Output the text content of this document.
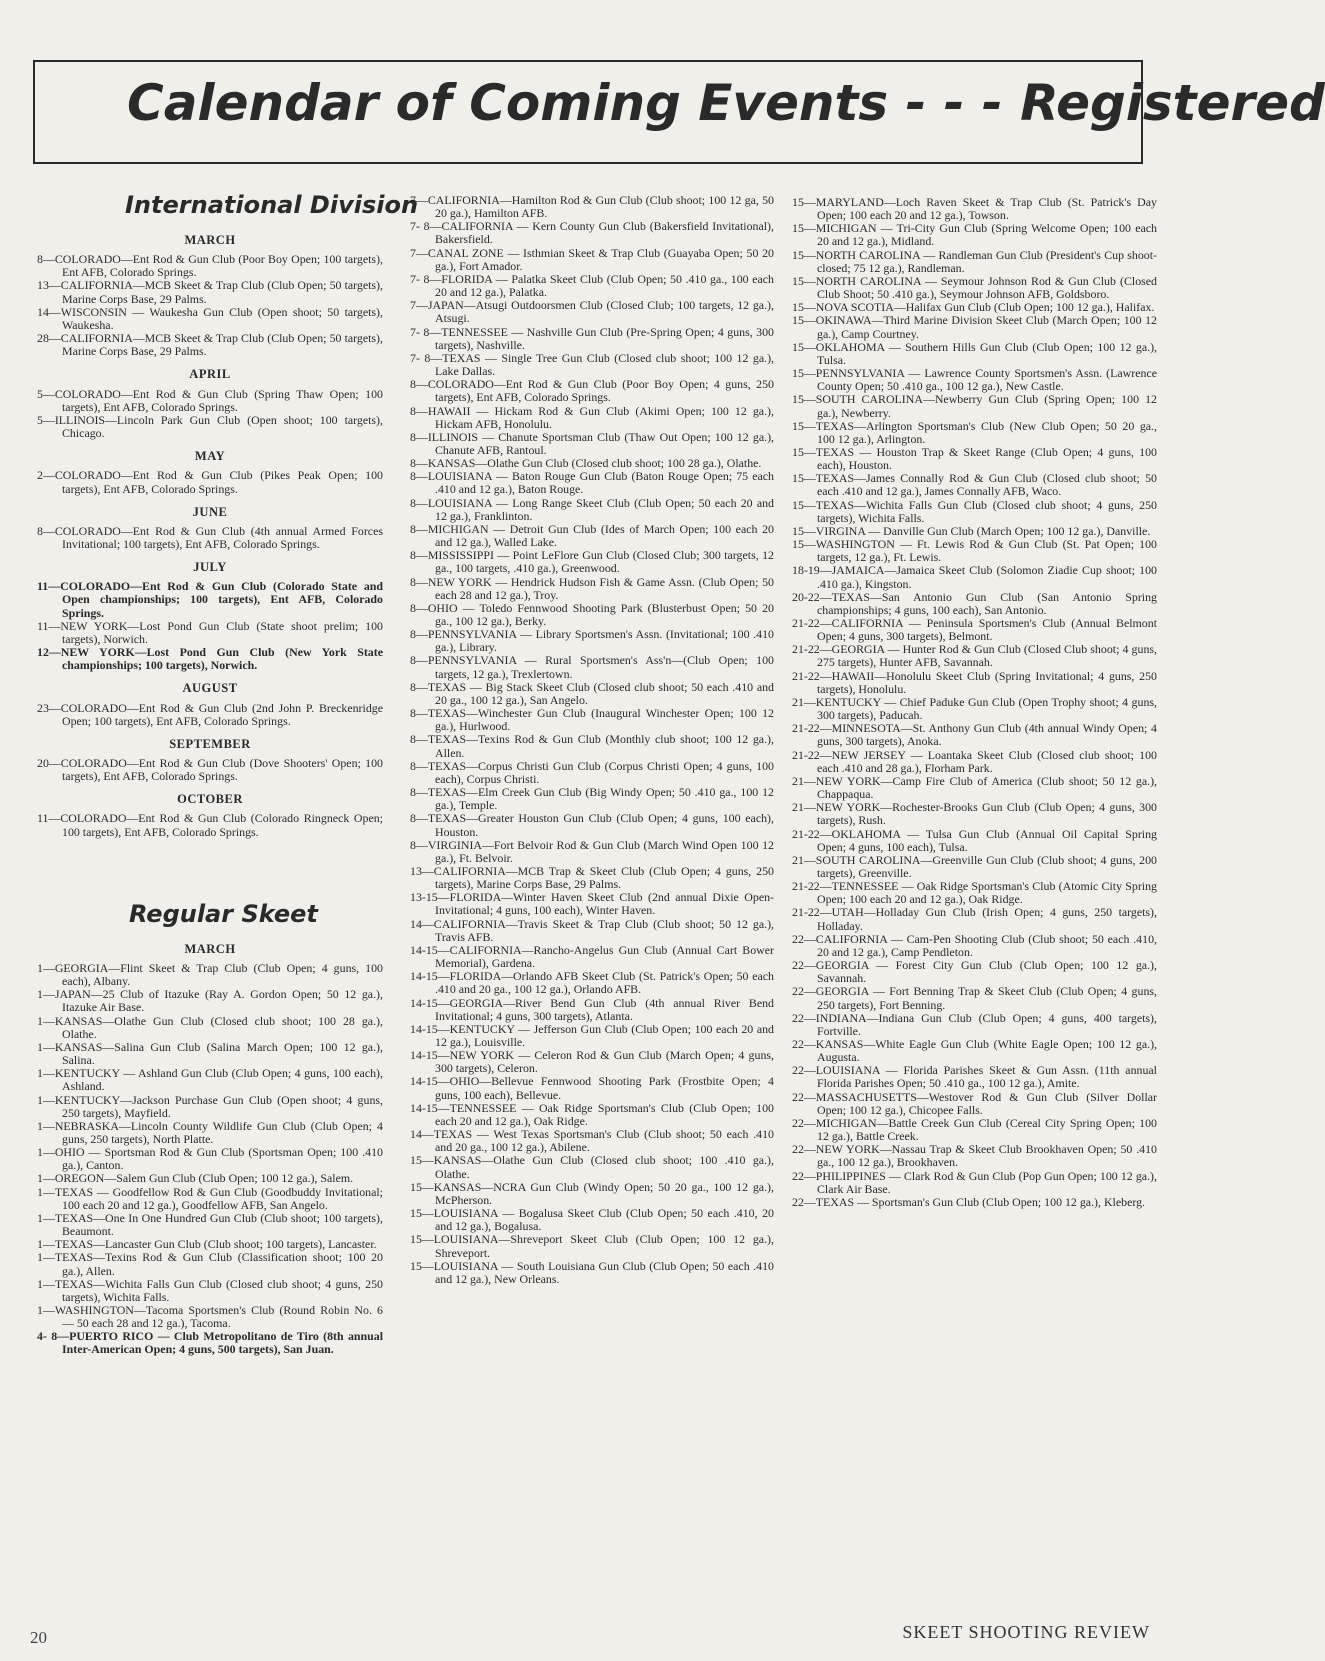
Calendar of Coming Events - - - Registered
International Division
MARCH
8—COLORADO—Ent Rod & Gun Club (Poor Boy Open; 100 targets), Ent AFB, Colorado Springs.
13—CALIFORNIA—MCB Skeet & Trap Club (Club Open; 50 targets), Marine Corps Base, 29 Palms.
14—WISCONSIN — Waukesha Gun Club (Open shoot; 50 targets), Waukesha.
28—CALIFORNIA—MCB Skeet & Trap Club (Club Open; 50 targets), Marine Corps Base, 29 Palms.
APRIL
5—COLORADO—Ent Rod & Gun Club (Spring Thaw Open; 100 targets), Ent AFB, Colorado Springs.
5—ILLINOIS—Lincoln Park Gun Club (Open shoot; 100 targets), Chicago.
MAY
2—COLORADO—Ent Rod & Gun Club (Pikes Peak Open; 100 targets), Ent AFB, Colorado Springs.
JUNE
8—COLORADO—Ent Rod & Gun Club (4th annual Armed Forces Invitational; 100 targets), Ent AFB, Colorado Springs.
JULY
11—COLORADO—Ent Rod & Gun Club (Colorado State and Open championships; 100 targets), Ent AFB, Colorado Springs.
11—NEW YORK—Lost Pond Gun Club (State shoot prelim; 100 targets), Norwich.
12—NEW YORK—Lost Pond Gun Club (New York State championships; 100 targets), Norwich.
AUGUST
23—COLORADO—Ent Rod & Gun Club (2nd John P. Breckenridge Open; 100 targets), Ent AFB, Colorado Springs.
SEPTEMBER
20—COLORADO—Ent Rod & Gun Club (Dove Shooters' Open; 100 targets), Ent AFB, Colorado Springs.
OCTOBER
11—COLORADO—Ent Rod & Gun Club (Colorado Ringneck Open; 100 targets), Ent AFB, Colorado Springs.
Regular Skeet
MARCH
1—GEORGIA—Flint Skeet & Trap Club (Club Open; 4 guns, 100 each), Albany.
1—JAPAN—25 Club of Itazuke (Ray A. Gordon Open; 50 12 ga.), Itazuke Air Base.
1—KANSAS—Olathe Gun Club (Closed club shoot; 100 28 ga.), Olathe.
1—KANSAS—Salina Gun Club (Salina March Open; 100 12 ga.), Salina.
1—KENTUCKY — Ashland Gun Club (Club Open; 4 guns, 100 each), Ashland.
1—KENTUCKY—Jackson Purchase Gun Club (Open shoot; 4 guns, 250 targets), Mayfield.
1—NEBRASKA—Lincoln County Wildlife Gun Club (Club Open; 4 guns, 250 targets), North Platte.
1—OHIO — Sportsman Rod & Gun Club (Sportsman Open; 100 .410 ga.), Canton.
1—OREGON—Salem Gun Club (Club Open; 100 12 ga.), Salem.
1—TEXAS — Goodfellow Rod & Gun Club (Goodbuddy Invitational; 100 each 20 and 12 ga.), Goodfellow AFB, San Angelo.
1—TEXAS—One In One Hundred Gun Club (Club shoot; 100 targets), Beaumont.
1—TEXAS—Lancaster Gun Club (Club shoot; 100 targets), Lancaster.
1—TEXAS—Texins Rod & Gun Club (Classification shoot; 100 20 ga.), Allen.
1—TEXAS—Wichita Falls Gun Club (Closed club shoot; 4 guns, 250 targets), Wichita Falls.
1—WASHINGTON—Tacoma Sportsmen's Club (Round Robin No. 6 — 50 each 28 and 12 ga.), Tacoma.
4- 8—PUERTO RICO — Club Metropolitano de Tiro (8th annual Inter-American Open; 4 guns, 500 targets), San Juan.
7—CALIFORNIA—Hamilton Rod & Gun Club (Club shoot; 100 12 ga, 50 20 ga.), Hamilton AFB.
7- 8—CALIFORNIA — Kern County Gun Club (Bakersfield Invitational), Bakersfield.
7—CANAL ZONE — Isthmian Skeet & Trap Club (Guayaba Open; 50 20 ga.), Fort Amador.
7- 8—FLORIDA — Palatka Skeet Club (Club Open; 50 .410 ga., 100 each 20 and 12 ga.), Palatka.
7—JAPAN—Atsugi Outdoorsmen Club (Closed Club; 100 targets, 12 ga.), Atsugi.
7- 8—TENNESSEE — Nashville Gun Club (Pre-Spring Open; 4 guns, 300 targets), Nashville.
7- 8—TEXAS — Single Tree Gun Club (Closed club shoot; 100 12 ga.), Lake Dallas.
8—COLORADO—Ent Rod & Gun Club (Poor Boy Open; 4 guns, 250 targets), Ent AFB, Colorado Springs.
8—HAWAII — Hickam Rod & Gun Club (Akimi Open; 100 12 ga.), Hickam AFB, Honolulu.
8—ILLINOIS — Chanute Sportsman Club (Thaw Out Open; 100 12 ga.), Chanute AFB, Rantoul.
8—KANSAS—Olathe Gun Club (Closed club shoot; 100 28 ga.), Olathe.
8—LOUISIANA — Baton Rouge Gun Club (Baton Rouge Open; 75 each .410 and 12 ga.), Baton Rouge.
8—LOUISIANA — Long Range Skeet Club (Club Open; 50 each 20 and 12 ga.), Franklinton.
8—MICHIGAN — Detroit Gun Club (Ides of March Open; 100 each 20 and 12 ga.), Walled Lake.
8—MISSISSIPPI — Point LeFlore Gun Club (Closed Club; 300 targets, 12 ga., 100 targets, .410 ga.), Greenwood.
8—NEW YORK — Hendrick Hudson Fish & Game Assn. (Club Open; 50 each 28 and 12 ga.), Troy.
8—OHIO — Toledo Fennwood Shooting Park (Blusterbust Open; 50 20 ga., 100 12 ga.), Berky.
8—PENNSYLVANIA — Library Sportsmen's Assn. (Invitational; 100 .410 ga.), Library.
8—PENNSYLVANIA — Rural Sportsmen's Ass'n—(Club Open; 100 targets, 12 ga.), Trexlertown.
8—TEXAS — Big Stack Skeet Club (Closed club shoot; 50 each .410 and 20 ga., 100 12 ga.), San Angelo.
8—TEXAS—Winchester Gun Club (Inaugural Winchester Open; 100 12 ga.), Hurlwood.
8—TEXAS—Texins Rod & Gun Club (Monthly club shoot; 100 12 ga.), Allen.
8—TEXAS—Corpus Christi Gun Club (Corpus Christi Open; 4 guns, 100 each), Corpus Christi.
8—TEXAS—Elm Creek Gun Club (Big Windy Open; 50 .410 ga., 100 12 ga.), Temple.
8—TEXAS—Greater Houston Gun Club (Club Open; 4 guns, 100 each), Houston.
8—VIRGINIA—Fort Belvoir Rod & Gun Club (March Wind Open 100 12 ga.), Ft. Belvoir.
13—CALIFORNIA—MCB Trap & Skeet Club (Club Open; 4 guns, 250 targets), Marine Corps Base, 29 Palms.
13-15—FLORIDA—Winter Haven Skeet Club (2nd annual Dixie Open-Invitational; 4 guns, 100 each), Winter Haven.
14—CALIFORNIA—Travis Skeet & Trap Club (Club shoot; 50 12 ga.), Travis AFB.
14-15—CALIFORNIA—Rancho-Angelus Gun Club (Annual Cart Bower Memorial), Gardena.
14-15—FLORIDA—Orlando AFB Skeet Club (St. Patrick's Open; 50 each .410 and 20 ga., 100 12 ga.), Orlando AFB.
14-15—GEORGIA—River Bend Gun Club (4th annual River Bend Invitational; 4 guns, 300 targets), Atlanta.
14-15—KENTUCKY — Jefferson Gun Club (Club Open; 100 each 20 and 12 ga.), Louisville.
14-15—NEW YORK — Celeron Rod & Gun Club (March Open; 4 guns, 300 targets), Celeron.
14-15—OHIO—Bellevue Fennwood Shooting Park (Frostbite Open; 4 guns, 100 each), Bellevue.
14-15—TENNESSEE — Oak Ridge Sportsman's Club (Club Open; 100 each 20 and 12 ga.), Oak Ridge.
14—TEXAS — West Texas Sportsman's Club (Club shoot; 50 each .410 and 20 ga., 100 12 ga.), Abilene.
15—KANSAS—Olathe Gun Club (Closed club shoot; 100 .410 ga.), Olathe.
15—KANSAS—NCRA Gun Club (Windy Open; 50 20 ga., 100 12 ga.), McPherson.
15—LOUISIANA — Bogalusa Skeet Club (Club Open; 50 each .410, 20 and 12 ga.), Bogalusa.
15—LOUISIANA—Shreveport Skeet Club (Club Open; 100 12 ga.), Shreveport.
15—LOUISIANA — South Louisiana Gun Club (Club Open; 50 each .410 and 12 ga.), New Orleans.
15—MARYLAND—Loch Raven Skeet & Trap Club (St. Patrick's Day Open; 100 each 20 and 12 ga.), Towson.
15—MICHIGAN — Tri-City Gun Club (Spring Welcome Open; 100 each 20 and 12 ga.), Midland.
15—NORTH CAROLINA — Randleman Gun Club (President's Cup shoot-closed; 75 12 ga.), Randleman.
15—NORTH CAROLINA — Seymour Johnson Rod & Gun Club (Closed Club Shoot; 50 .410 ga.), Seymour Johnson AFB, Goldsboro.
15—NOVA SCOTIA—Halifax Gun Club (Club Open; 100 12 ga.), Halifax.
15—OKINAWA—Third Marine Division Skeet Club (March Open; 100 12 ga.), Camp Courtney.
15—OKLAHOMA — Southern Hills Gun Club (Club Open; 100 12 ga.), Tulsa.
15—PENNSYLVANIA — Lawrence County Sportsmen's Assn. (Lawrence County Open; 50 .410 ga., 100 12 ga.), New Castle.
15—SOUTH CAROLINA—Newberry Gun Club (Spring Open; 100 12 ga.), Newberry.
15—TEXAS—Arlington Sportsman's Club (New Club Open; 50 20 ga., 100 12 ga.), Arlington.
15—TEXAS — Houston Trap & Skeet Range (Club Open; 4 guns, 100 each), Houston.
15—TEXAS—James Connally Rod & Gun Club (Closed club shoot; 50 each .410 and 12 ga.), James Connally AFB, Waco.
15—TEXAS—Wichita Falls Gun Club (Closed club shoot; 4 guns, 250 targets), Wichita Falls.
15—VIRGINA — Danville Gun Club (March Open; 100 12 ga.), Danville.
15—WASHINGTON — Ft. Lewis Rod & Gun Club (St. Pat Open; 100 targets, 12 ga.), Ft. Lewis.
18-19—JAMAICA—Jamaica Skeet Club (Solomon Ziadie Cup shoot; 100 .410 ga.), Kingston.
20-22—TEXAS—San Antonio Gun Club (San Antonio Spring championships; 4 guns, 100 each), San Antonio.
21-22—CALIFORNIA — Peninsula Sportsmen's Club (Annual Belmont Open; 4 guns, 300 targets), Belmont.
21-22—GEORGIA — Hunter Rod & Gun Club (Closed Club shoot; 4 guns, 275 targets), Hunter AFB, Savannah.
21-22—HAWAII—Honolulu Skeet Club (Spring Invitational; 4 guns, 250 targets), Honolulu.
21—KENTUCKY — Chief Paduke Gun Club (Open Trophy shoot; 4 guns, 300 targets), Paducah.
21-22—MINNESOTA—St. Anthony Gun Club (4th annual Windy Open; 4 guns, 300 targets), Anoka.
21-22—NEW JERSEY — Loantaka Skeet Club (Closed club shoot; 100 each .410 and 28 ga.), Florham Park.
21—NEW YORK—Camp Fire Club of America (Club shoot; 50 12 ga.), Chappaqua.
21—NEW YORK—Rochester-Brooks Gun Club (Club Open; 4 guns, 300 targets), Rush.
21-22—OKLAHOMA — Tulsa Gun Club (Annual Oil Capital Spring Open; 4 guns, 100 each), Tulsa.
21—SOUTH CAROLINA—Greenville Gun Club (Club shoot; 4 guns, 200 targets), Greenville.
21-22—TENNESSEE — Oak Ridge Sportsman's Club (Atomic City Spring Open; 100 each 20 and 12 ga.), Oak Ridge.
21-22—UTAH—Holladay Gun Club (Irish Open; 4 guns, 250 targets), Holladay.
22—CALIFORNIA — Cam-Pen Shooting Club (Club shoot; 50 each .410, 20 and 12 ga.), Camp Pendleton.
22—GEORGIA — Forest City Gun Club (Club Open; 100 12 ga.), Savannah.
22—GEORGIA — Fort Benning Trap & Skeet Club (Club Open; 4 guns, 250 targets), Fort Benning.
22—INDIANA—Indiana Gun Club (Club Open; 4 guns, 400 targets), Fortville.
22—KANSAS—White Eagle Gun Club (White Eagle Open; 100 12 ga.), Augusta.
22—LOUISIANA — Florida Parishes Skeet & Gun Assn. (11th annual Florida Parishes Open; 50 .410 ga., 100 12 ga.), Amite.
22—MASSACHUSETTS—Westover Rod & Gun Club (Silver Dollar Open; 100 12 ga.), Chicopee Falls.
22—MICHIGAN—Battle Creek Gun Club (Cereal City Spring Open; 100 12 ga.), Battle Creek.
22—NEW YORK—Nassau Trap & Skeet Club Brookhaven Open; 50 .410 ga., 100 12 ga.), Brookhaven.
22—PHILIPPINES — Clark Rod & Gun Club (Pop Gun Open; 100 12 ga.), Clark Air Base.
22—TEXAS — Sportsman's Gun Club (Club Open; 100 12 ga.), Kleberg.
20	SKEET SHOOTING REVIEW
